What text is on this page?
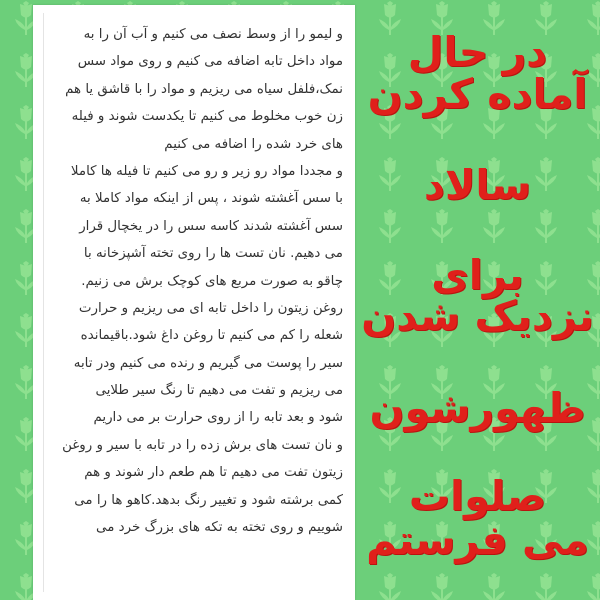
و لیمو را از وسط نصف می کنیم و آب آن را به
مواد داخل تابه اضافه می کنیم و روی مواد سس
نمک،فلفل سیاه می ریزیم و مواد را با قاشق یا هم
زن خوب مخلوط می کنیم تا یکدست شوند و فیله
های خرد شده را اضافه می کنیم
و مجددا مواد رو زیر و رو می کنیم تا فیله ها کاملا
با سس آغشته شوند ، پس از اینکه مواد کاملا به
سس آغشته شدند کاسه سس را در یخچال قرار
می دهیم. نان تست ها را روی تخته آشپزخانه با
چاقو به صورت مربع های کوچک برش می زنیم.
روغن زیتون را داخل تابه ای می ریزیم و حرارت
شعله را کم می کنیم تا روغن داغ شود.باقیمانده
سیر را پوست می گیریم و رنده می کنیم ودر تابه
می ریزیم و تفت می دهیم تا رنگ سیر طلایی
شود و بعد تابه را از روی حرارت بر می داریم
و نان تست های برش زده را در تابه با سیر و روغن
زیتون تفت می دهیم تا هم طعم دار شوند و هم
کمی برشته شود و تغییر رنگ بدهد.کاهو ها را می
شوییم و روی تخته به تکه های بزرگ خرد می
در حال
آماده کردن
سالاد
برای
نزدیک شدن
ظهورشون
صلوات
می فرستم
